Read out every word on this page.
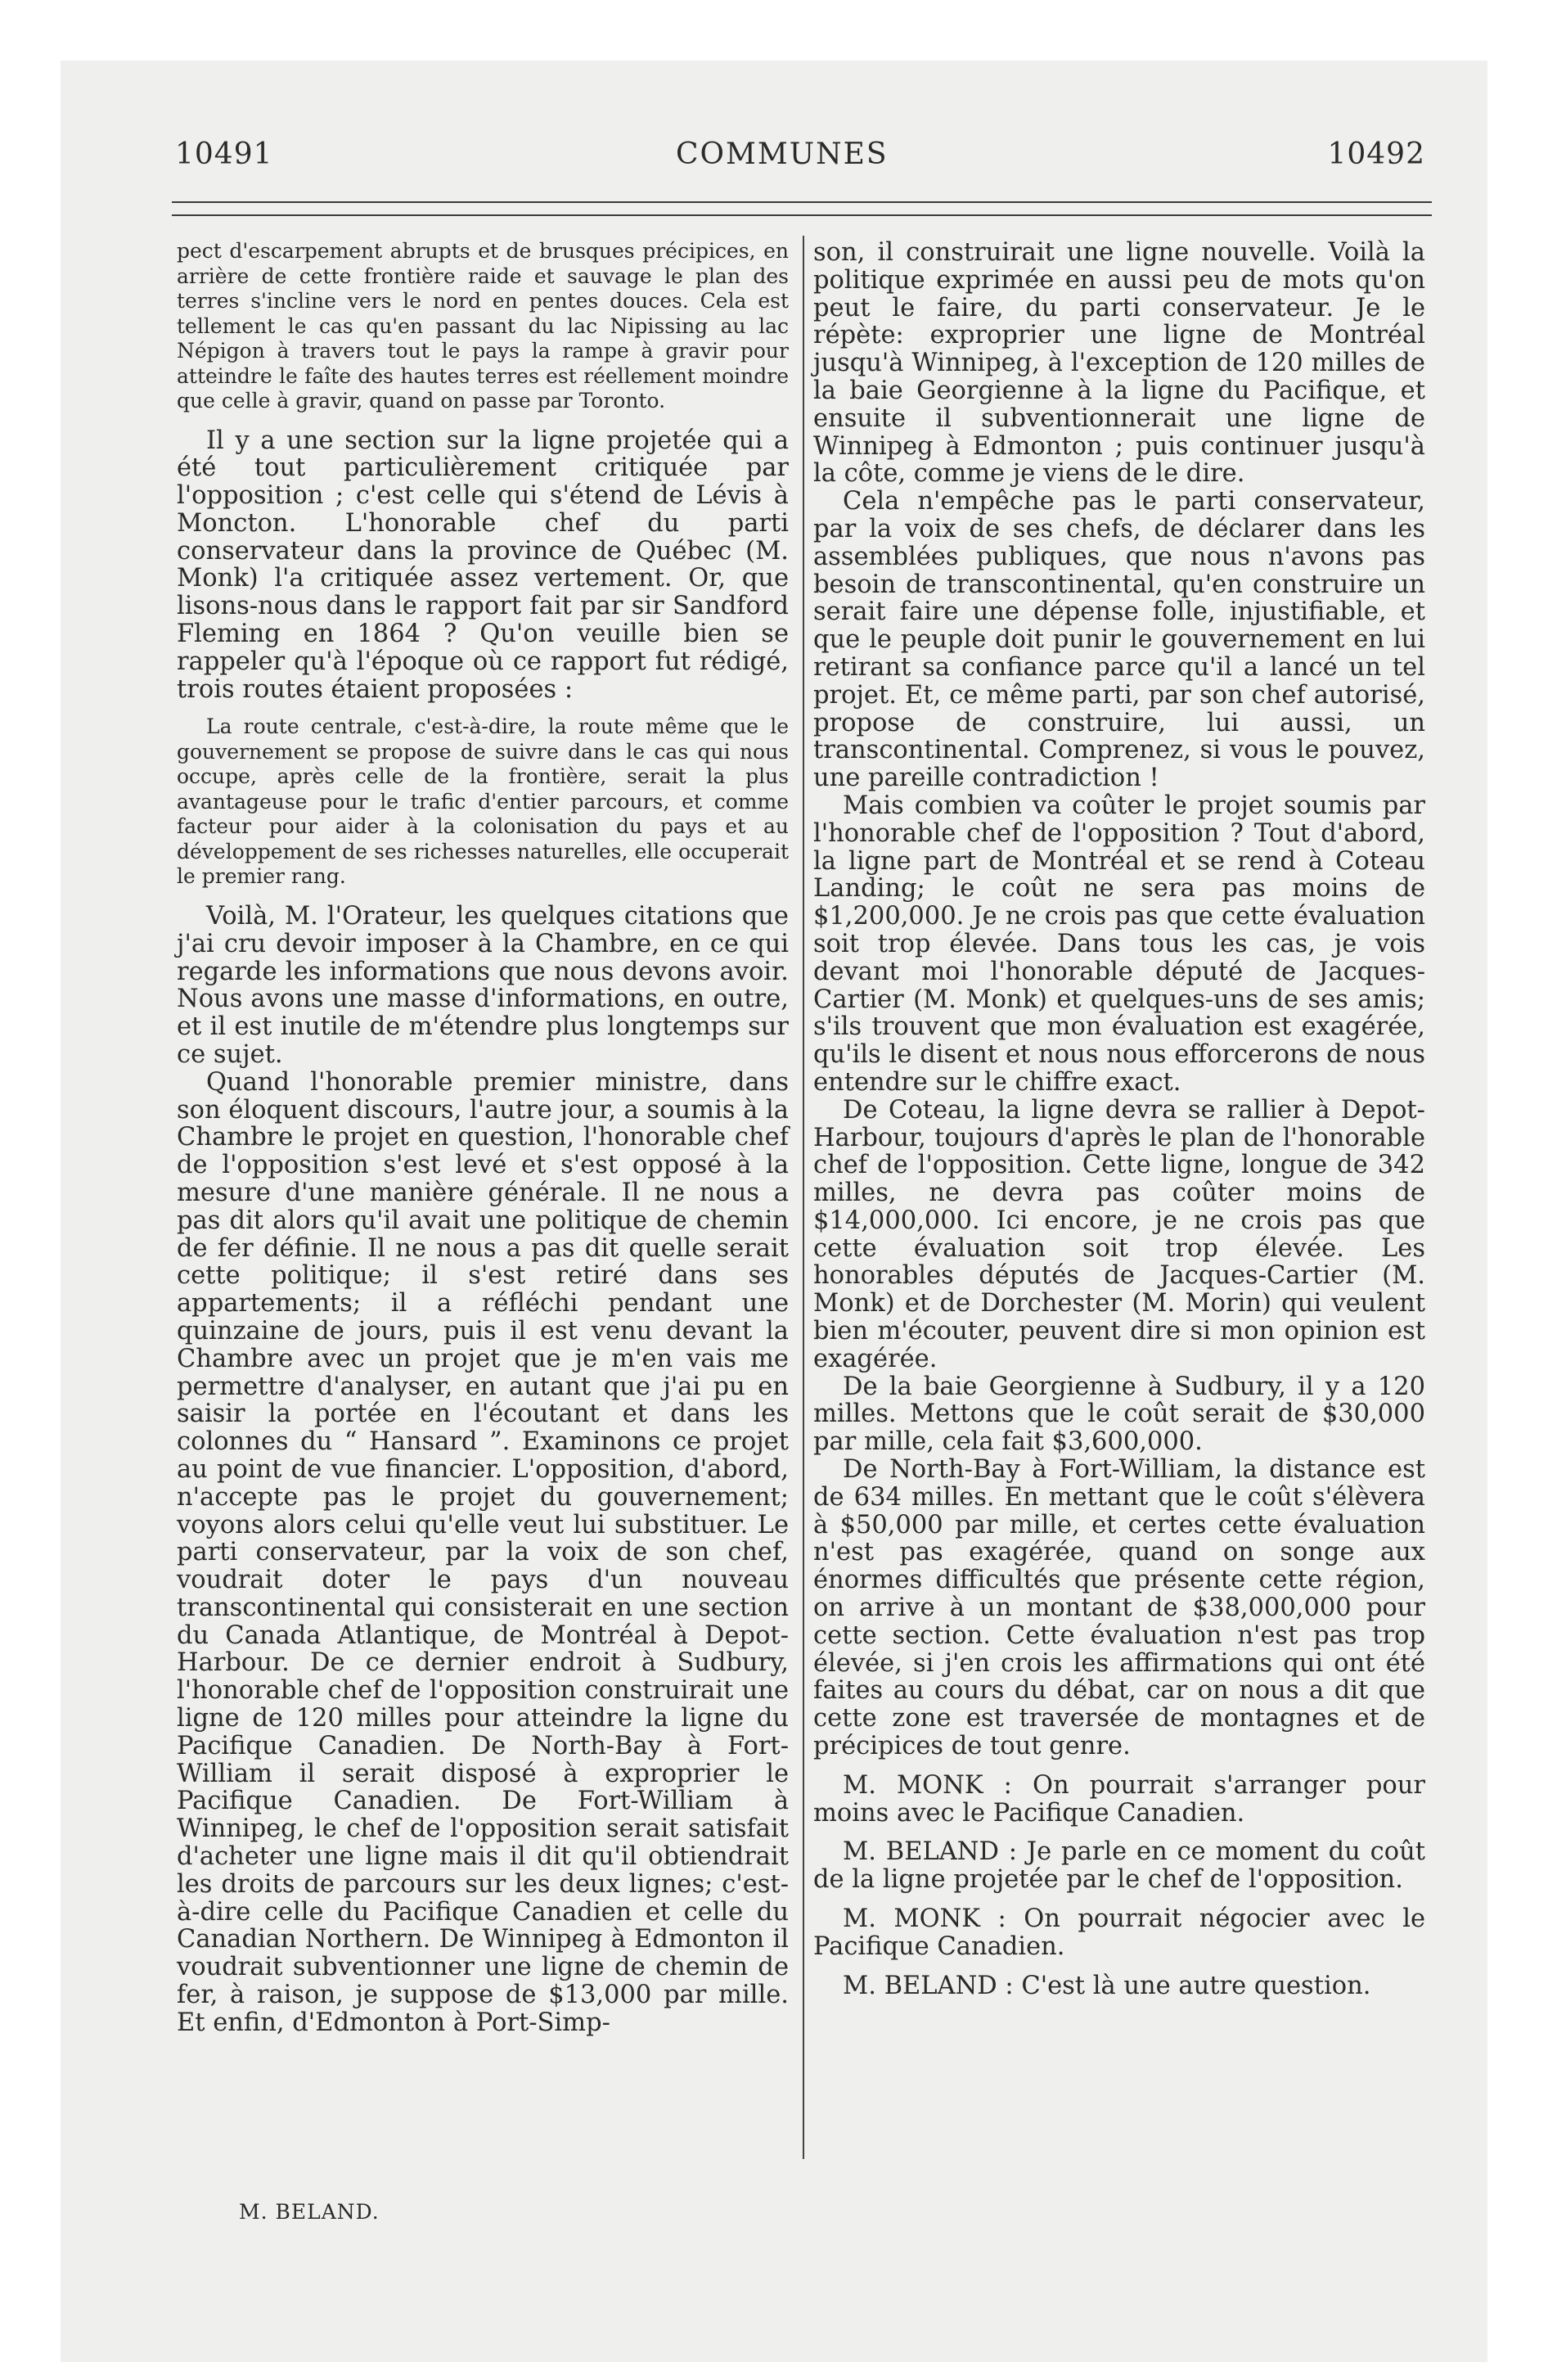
10491	COMMUNES	10492

pect d'escarpement abrupts et de brusques précipices, en arrière de cette frontière raide et sauvage le plan des terres s'incline vers le nord en pentes douces. Cela est tellement le cas qu'en passant du lac Nipissing au lac Népigon à travers tout le pays la rampe à gravir pour atteindre le faîte des hautes terres est réellement moindre que celle à gravir, quand on passe par Toronto.

Il y a une section sur la ligne projetée qui a été tout particulièrement critiquée par l'opposition ; c'est celle qui s'étend de Lévis à Moncton. L'honorable chef du parti conservateur dans la province de Québec (M. Monk) l'a critiquée assez vertement. Or, que lisons-nous dans le rapport fait par sir Sandford Fleming en 1864 ? Qu'on veuille bien se rappeler qu'à l'époque où ce rapport fut rédigé, trois routes étaient proposées :

La route centrale, c'est-à-dire, la route même que le gouvernement se propose de suivre dans le cas qui nous occupe, après celle de la frontière, serait la plus avantageuse pour le trafic d'entier parcours, et comme facteur pour aider à la colonisation du pays et au développement de ses richesses naturelles, elle occuperait le premier rang.

Voilà, M. l'Orateur, les quelques citations que j'ai cru devoir imposer à la Chambre, en ce qui regarde les informations que nous devons avoir. Nous avons une masse d'informations, en outre, et il est inutile de m'étendre plus longtemps sur ce sujet.

Quand l'honorable premier ministre, dans son éloquent discours, l'autre jour, a soumis à la Chambre le projet en question, l'honorable chef de l'opposition s'est levé et s'est opposé à la mesure d'une manière générale. Il ne nous a pas dit alors qu'il avait une politique de chemin de fer définie. Il ne nous a pas dit quelle serait cette politique; il s'est retiré dans ses appartements; il a réfléchi pendant une quinzaine de jours, puis il est venu devant la Chambre avec un projet que je m'en vais me permettre d'analyser, en autant que j'ai pu en saisir la portée en l'écoutant et dans les colonnes du “ Hansard ”. Examinons ce projet au point de vue financier. L'opposition, d'abord, n'accepte pas le projet du gouvernement; voyons alors celui qu'elle veut lui substituer. Le parti conservateur, par la voix de son chef, voudrait doter le pays d'un nouveau transcontinental qui consisterait en une section du Canada Atlantique, de Montréal à Depot-Harbour. De ce dernier endroit à Sudbury, l'honorable chef de l'opposition construirait une ligne de 120 milles pour atteindre la ligne du Pacifique Canadien. De North-Bay à Fort-William il serait disposé à exproprier le Pacifique Canadien. De Fort-William à Winnipeg, le chef de l'opposition serait satisfait d'acheter une ligne mais il dit qu'il obtiendrait les droits de parcours sur les deux lignes; c'est-à-dire celle du Pacifique Canadien et celle du Canadian Northern. De Winnipeg à Edmonton il voudrait subventionner une ligne de chemin de fer, à raison, je suppose de $13,000 par mille. Et enfin, d'Edmonton à Port-Simp-

son, il construirait une ligne nouvelle. Voilà la politique exprimée en aussi peu de mots qu'on peut le faire, du parti conservateur. Je le répète: exproprier une ligne de Montréal jusqu'à Winnipeg, à l'exception de 120 milles de la baie Georgienne à la ligne du Pacifique, et ensuite il subventionnerait une ligne de Winnipeg à Edmonton ; puis continuer jusqu'à la côte, comme je viens de le dire.

Cela n'empêche pas le parti conservateur, par la voix de ses chefs, de déclarer dans les assemblées publiques, que nous n'avons pas besoin de transcontinental, qu'en construire un serait faire une dépense folle, injustifiable, et que le peuple doit punir le gouvernement en lui retirant sa confiance parce qu'il a lancé un tel projet. Et, ce même parti, par son chef autorisé, propose de construire, lui aussi, un transcontinental. Comprenez, si vous le pouvez, une pareille contradiction !

Mais combien va coûter le projet soumis par l'honorable chef de l'opposition ? Tout d'abord, la ligne part de Montréal et se rend à Coteau Landing; le coût ne sera pas moins de $1,200,000. Je ne crois pas que cette évaluation soit trop élevée. Dans tous les cas, je vois devant moi l'honorable député de Jacques-Cartier (M. Monk) et quelques-uns de ses amis; s'ils trouvent que mon évaluation est exagérée, qu'ils le disent et nous nous efforcerons de nous entendre sur le chiffre exact.

De Coteau, la ligne devra se rallier à Depot-Harbour, toujours d'après le plan de l'honorable chef de l'opposition. Cette ligne, longue de 342 milles, ne devra pas coûter moins de $14,000,000. Ici encore, je ne crois pas que cette évaluation soit trop élevée. Les honorables députés de Jacques-Cartier (M. Monk) et de Dorchester (M. Morin) qui veulent bien m'écouter, peuvent dire si mon opinion est exagérée.

De la baie Georgienne à Sudbury, il y a 120 milles. Mettons que le coût serait de $30,000 par mille, cela fait $3,600,000.

De North-Bay à Fort-William, la distance est de 634 milles. En mettant que le coût s'élèvera à $50,000 par mille, et certes cette évaluation n'est pas exagérée, quand on songe aux énormes difficultés que présente cette région, on arrive à un montant de $38,000,000 pour cette section. Cette évaluation n'est pas trop élevée, si j'en crois les affirmations qui ont été faites au cours du débat, car on nous a dit que cette zone est traversée de montagnes et de précipices de tout genre.

M. MONK : On pourrait s'arranger pour moins avec le Pacifique Canadien.

M. BELAND : Je parle en ce moment du coût de la ligne projetée par le chef de l'opposition.

M. MONK : On pourrait négocier avec le Pacifique Canadien.

M. BELAND : C'est là une autre question.

M. BELAND.
